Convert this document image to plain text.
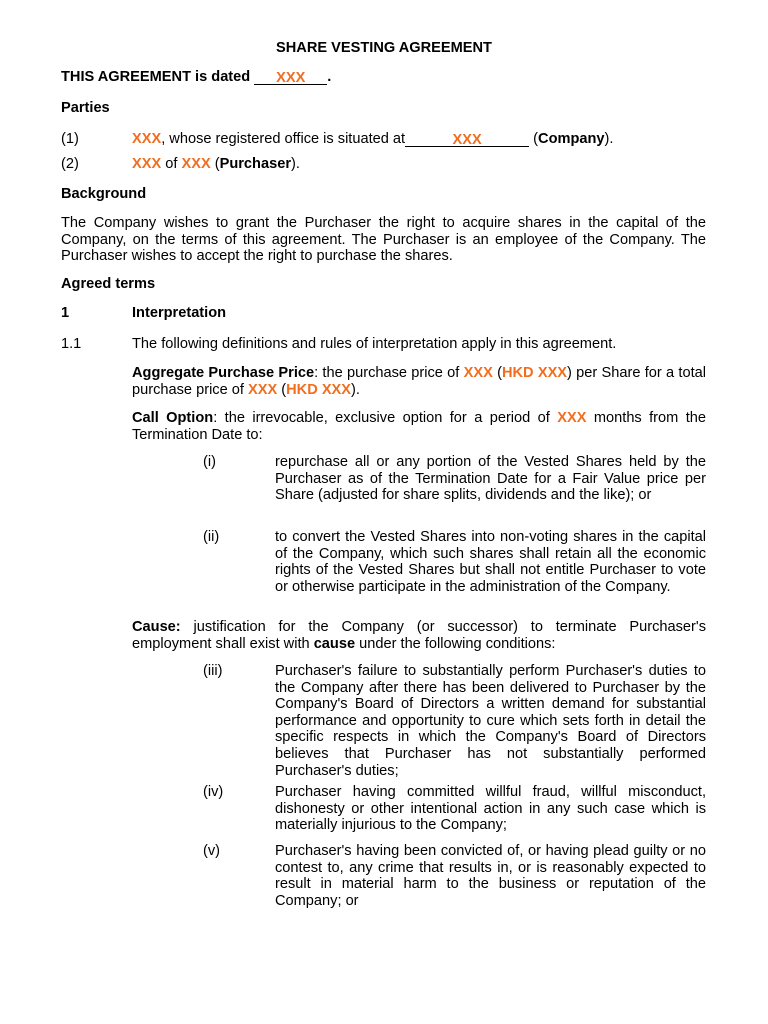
SHARE VESTING AGREEMENT
THIS AGREEMENT is dated XXX .
Parties
(1)	XXX, whose registered office is situated at	XXX	(Company).
(2)	XXX of XXX (Purchaser).
Background
The Company wishes to grant the Purchaser the right to acquire shares in the capital of the Company, on the terms of this agreement. The Purchaser is an employee of the Company. The Purchaser wishes to accept the right to purchase the shares.
Agreed terms
1	Interpretation
1.1	The following definitions and rules of interpretation apply in this agreement.
Aggregate Purchase Price: the purchase price of XXX (HKD XXX) per Share for a total purchase price of XXX (HKD XXX).
Call Option: the irrevocable, exclusive option for a period of XXX months from the Termination Date to:
(i)	repurchase all or any portion of the Vested Shares held by the Purchaser as of the Termination Date for a Fair Value price per Share (adjusted for share splits, dividends and the like); or
(ii)	to convert the Vested Shares into non-voting shares in the capital of the Company, which such shares shall retain all the economic rights of the Vested Shares but shall not entitle Purchaser to vote or otherwise participate in the administration of the Company.
Cause: justification for the Company (or successor) to terminate Purchaser's employment shall exist with cause under the following conditions:
(iii)	Purchaser's failure to substantially perform Purchaser's duties to the Company after there has been delivered to Purchaser by the Company's Board of Directors a written demand for substantial performance and opportunity to cure which sets forth in detail the specific respects in which the Company's Board of Directors believes that Purchaser has not substantially performed Purchaser's duties;
(iv)	Purchaser having committed willful fraud, willful misconduct, dishonesty or other intentional action in any such case which is materially injurious to the Company;
(v)	Purchaser's having been convicted of, or having plead guilty or no contest to, any crime that results in, or is reasonably expected to result in material harm to the business or reputation of the Company; or
